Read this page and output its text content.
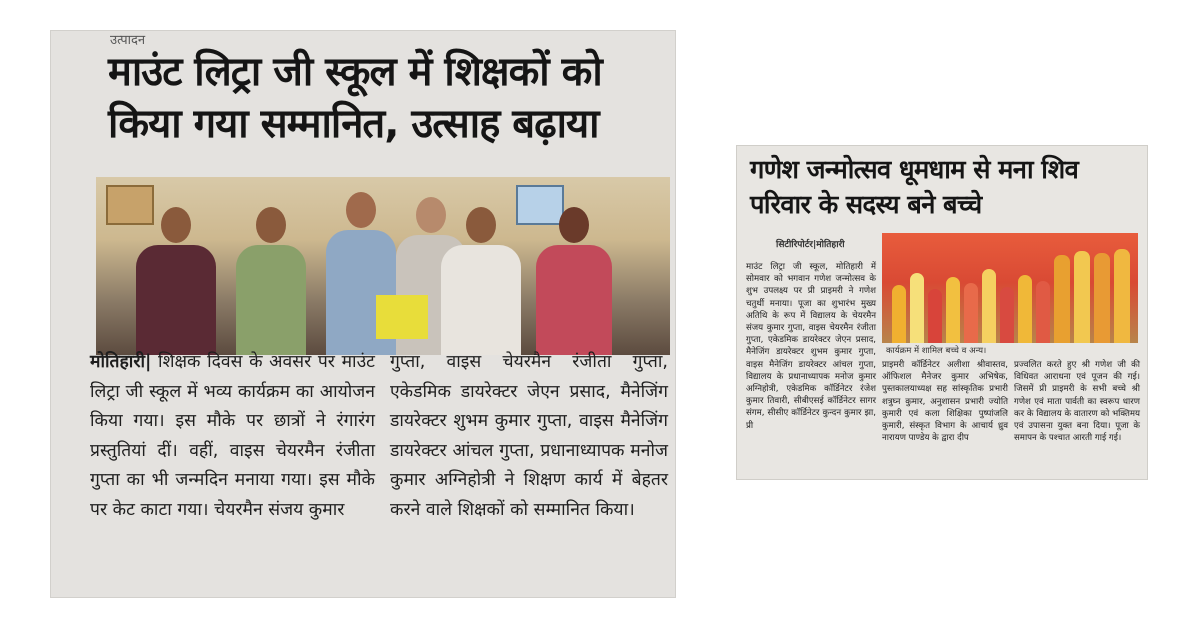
उत्पादन
माउंट लिट्रा जी स्कूल में शिक्षकों को किया गया सम्मानित, उत्साह बढ़ाया
मोतिहारी| शिक्षक दिवस के अवसर पर माउंट लिट्रा जी स्कूल में भव्य कार्यक्रम का आयोजन किया गया। इस मौके पर छात्रों ने रंगारंग प्रस्तुतियां दीं। वहीं, वाइस चेयरमैन रंजीता गुप्ता का भी जन्मदिन मनाया गया। इस मौके पर केट काटा गया। चेयरमैन संजय कुमार
गुप्ता, वाइस चेयरमैन रंजीता गुप्ता, एकेडमिक डायरेक्टर जेएन प्रसाद, मैनेजिंग डायरेक्टर शुभम कुमार गुप्ता, वाइस मैनेजिंग डायरेक्टर आंचल गुप्ता, प्रधानाध्यापक मनोज कुमार अग्निहोत्री ने शिक्षण कार्य में बेहतर करने वाले शिक्षकों को सम्मानित किया।
गणेश जन्मोत्सव धूमधाम से मना शिव परिवार के सदस्य बने बच्चे
सिटीरिपोर्टर|मोतिहारी
कार्यक्रम में शामिल बच्चे व अन्य।
माउंट लिट्रा जी स्कूल, मोतिहारी में सोमवार को भगवान गणेश जन्मोत्सव के शुभ उपलक्ष्य पर प्री प्राइमरी ने गणेश चतुर्थी मनाया। पूजा का शुभारंभ मुख्य अतिथि के रूप में विद्यालय के चेयरमैन संजय कुमार गुप्ता, वाइस चेयरमैन रंजीता गुप्ता, एकेडमिक डायरेक्टर जेएन प्रसाद, मैनेजिंग डायरेक्टर शुभम कुमार गुप्ता, वाइस मैनेजिंग डायरेक्टर आंचल गुप्ता, विद्यालय के प्रधानाध्यापक मनोज कुमार अग्निहोत्री, एकेडमिक कॉर्डिनेटर रंजेश कुमार तिवारी, सीबीएसई कॉर्डिनेटर सागर संगम, सीसीए कॉर्डिनेटर कुन्दन कुमार झा, प्री
प्राइमरी कॉर्डिनेटर अलीशा श्रीवास्तव, ऑफिशल मैनेजर कुमार अभिषेक, पुस्तकालयाध्यक्ष सह सांस्कृतिक प्रभारी शत्रुघ्न कुमार, अनुशासन प्रभारी ज्योति कुमारी एवं कला शिक्षिका पुष्पांजलि कुमारी, संस्कृत विभाग के आचार्य ध्रुव नारायण पाण्डेय के द्वारा दीप
प्रज्वलित करते हुए श्री गणेश जी की विधिवत आराधना एवं पूजन की गई। जिसमें प्री प्राइमरी के सभी बच्चे श्री गणेश एवं माता पार्वती का स्वरूप धारण कर के विद्यालय के वातारण को भक्तिमय एवं उपासना युक्त बना दिया। पूजा के समापन के पश्चात आरती गाई गई।
